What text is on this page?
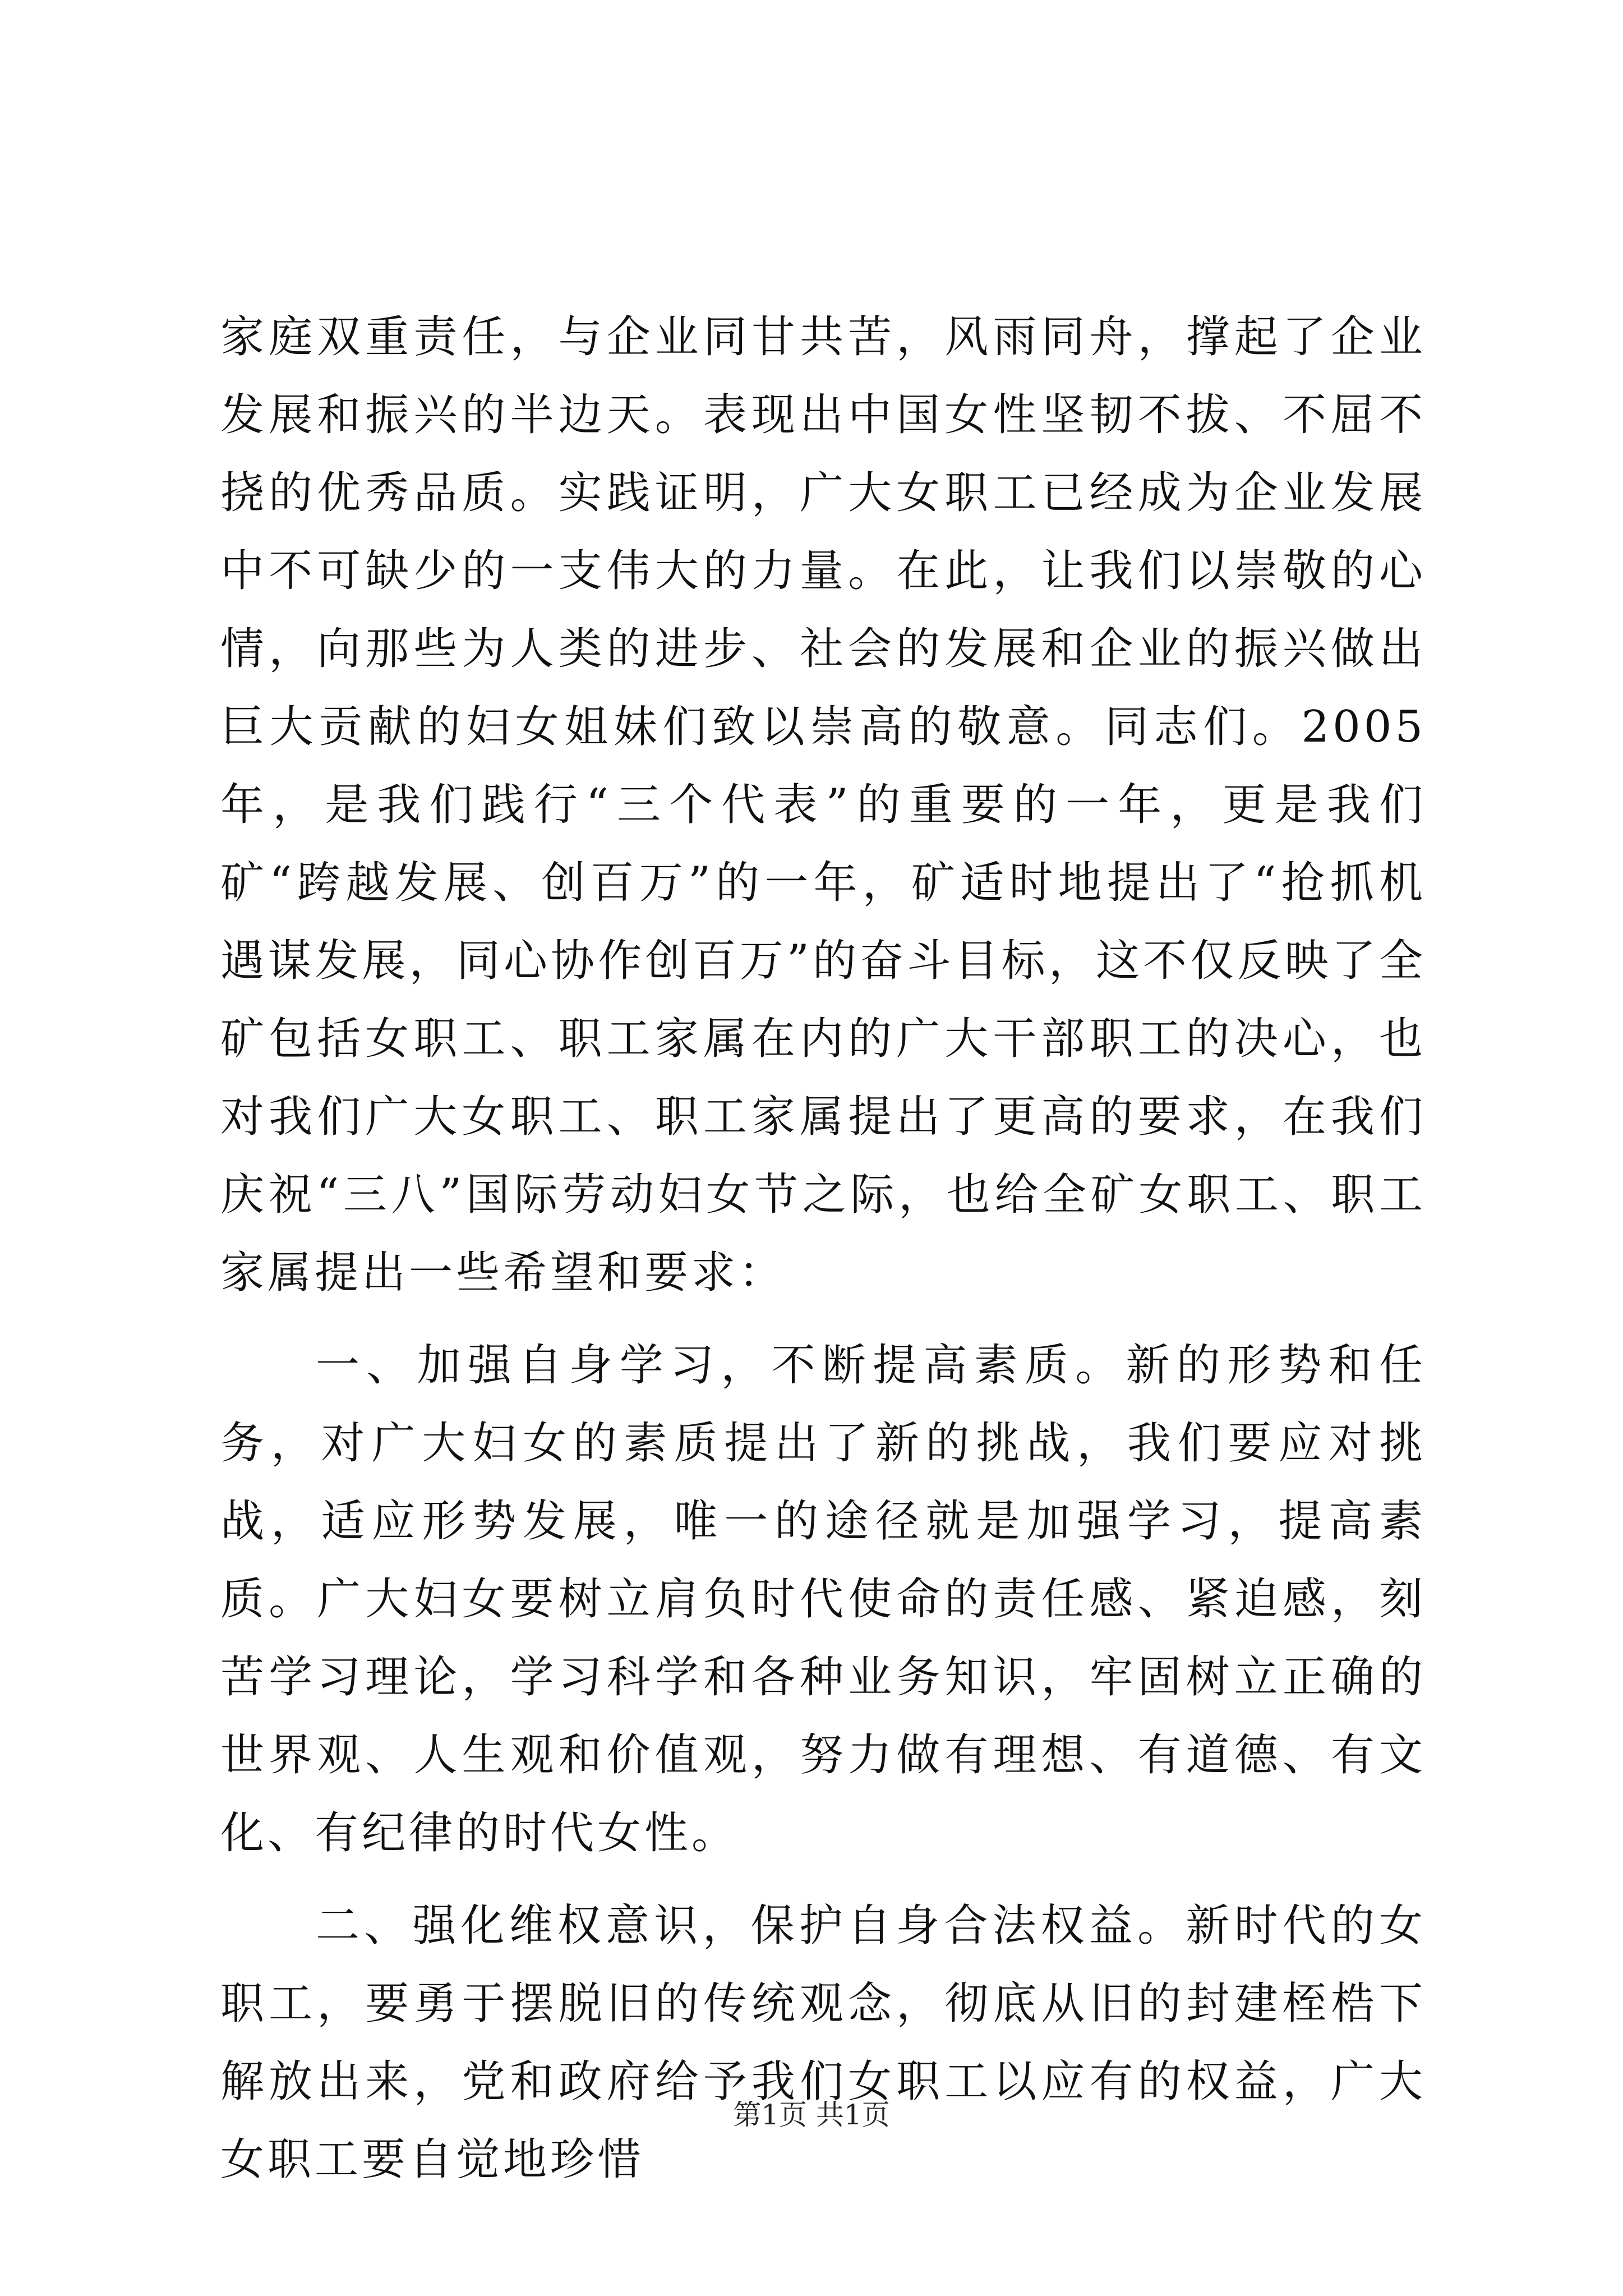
家庭双重责任，与企业同甘共苦，风雨同舟，撑起了企业发展和振兴的半边天。表现出中国女性坚韧不拔、不屈不挠的优秀品质。实践证明，广大女职工已经成为企业发展中不可缺少的一支伟大的力量。在此，让我们以崇敬的心情，向那些为人类的进步、社会的发展和企业的振兴做出巨大贡献的妇女姐妹们致以崇高的敬意。同志们。2005年，是我们践行“三个代表”的重要的一年，更是我们矿“跨越发展、创百万”的一年，矿适时地提出了“抢抓机遇谋发展，同心协作创百万”的奋斗目标，这不仅反映了全矿包括女职工、职工家属在内的广大干部职工的决心，也对我们广大女职工、职工家属提出了更高的要求，在我们庆祝“三八”国际劳动妇女节之际，也给全矿女职工、职工家属提出一些希望和要求：

一、加强自身学习，不断提高素质。新的形势和任务，对广大妇女的素质提出了新的挑战，我们要应对挑战，适应形势发展，唯一的途径就是加强学习，提高素质。广大妇女要树立肩负时代使命的责任感、紧迫感，刻苦学习理论，学习科学和各种业务知识，牢固树立正确的世界观、人生观和价值观，努力做有理想、有道德、有文化、有纪律的时代女性。

二、强化维权意识，保护自身合法权益。新时代的女职工，要勇于摆脱旧的传统观念，彻底从旧的封建桎梏下解放出来，党和政府给予我们女职工以应有的权益，广大女职工要自觉地珍惜

第1页 共1页
